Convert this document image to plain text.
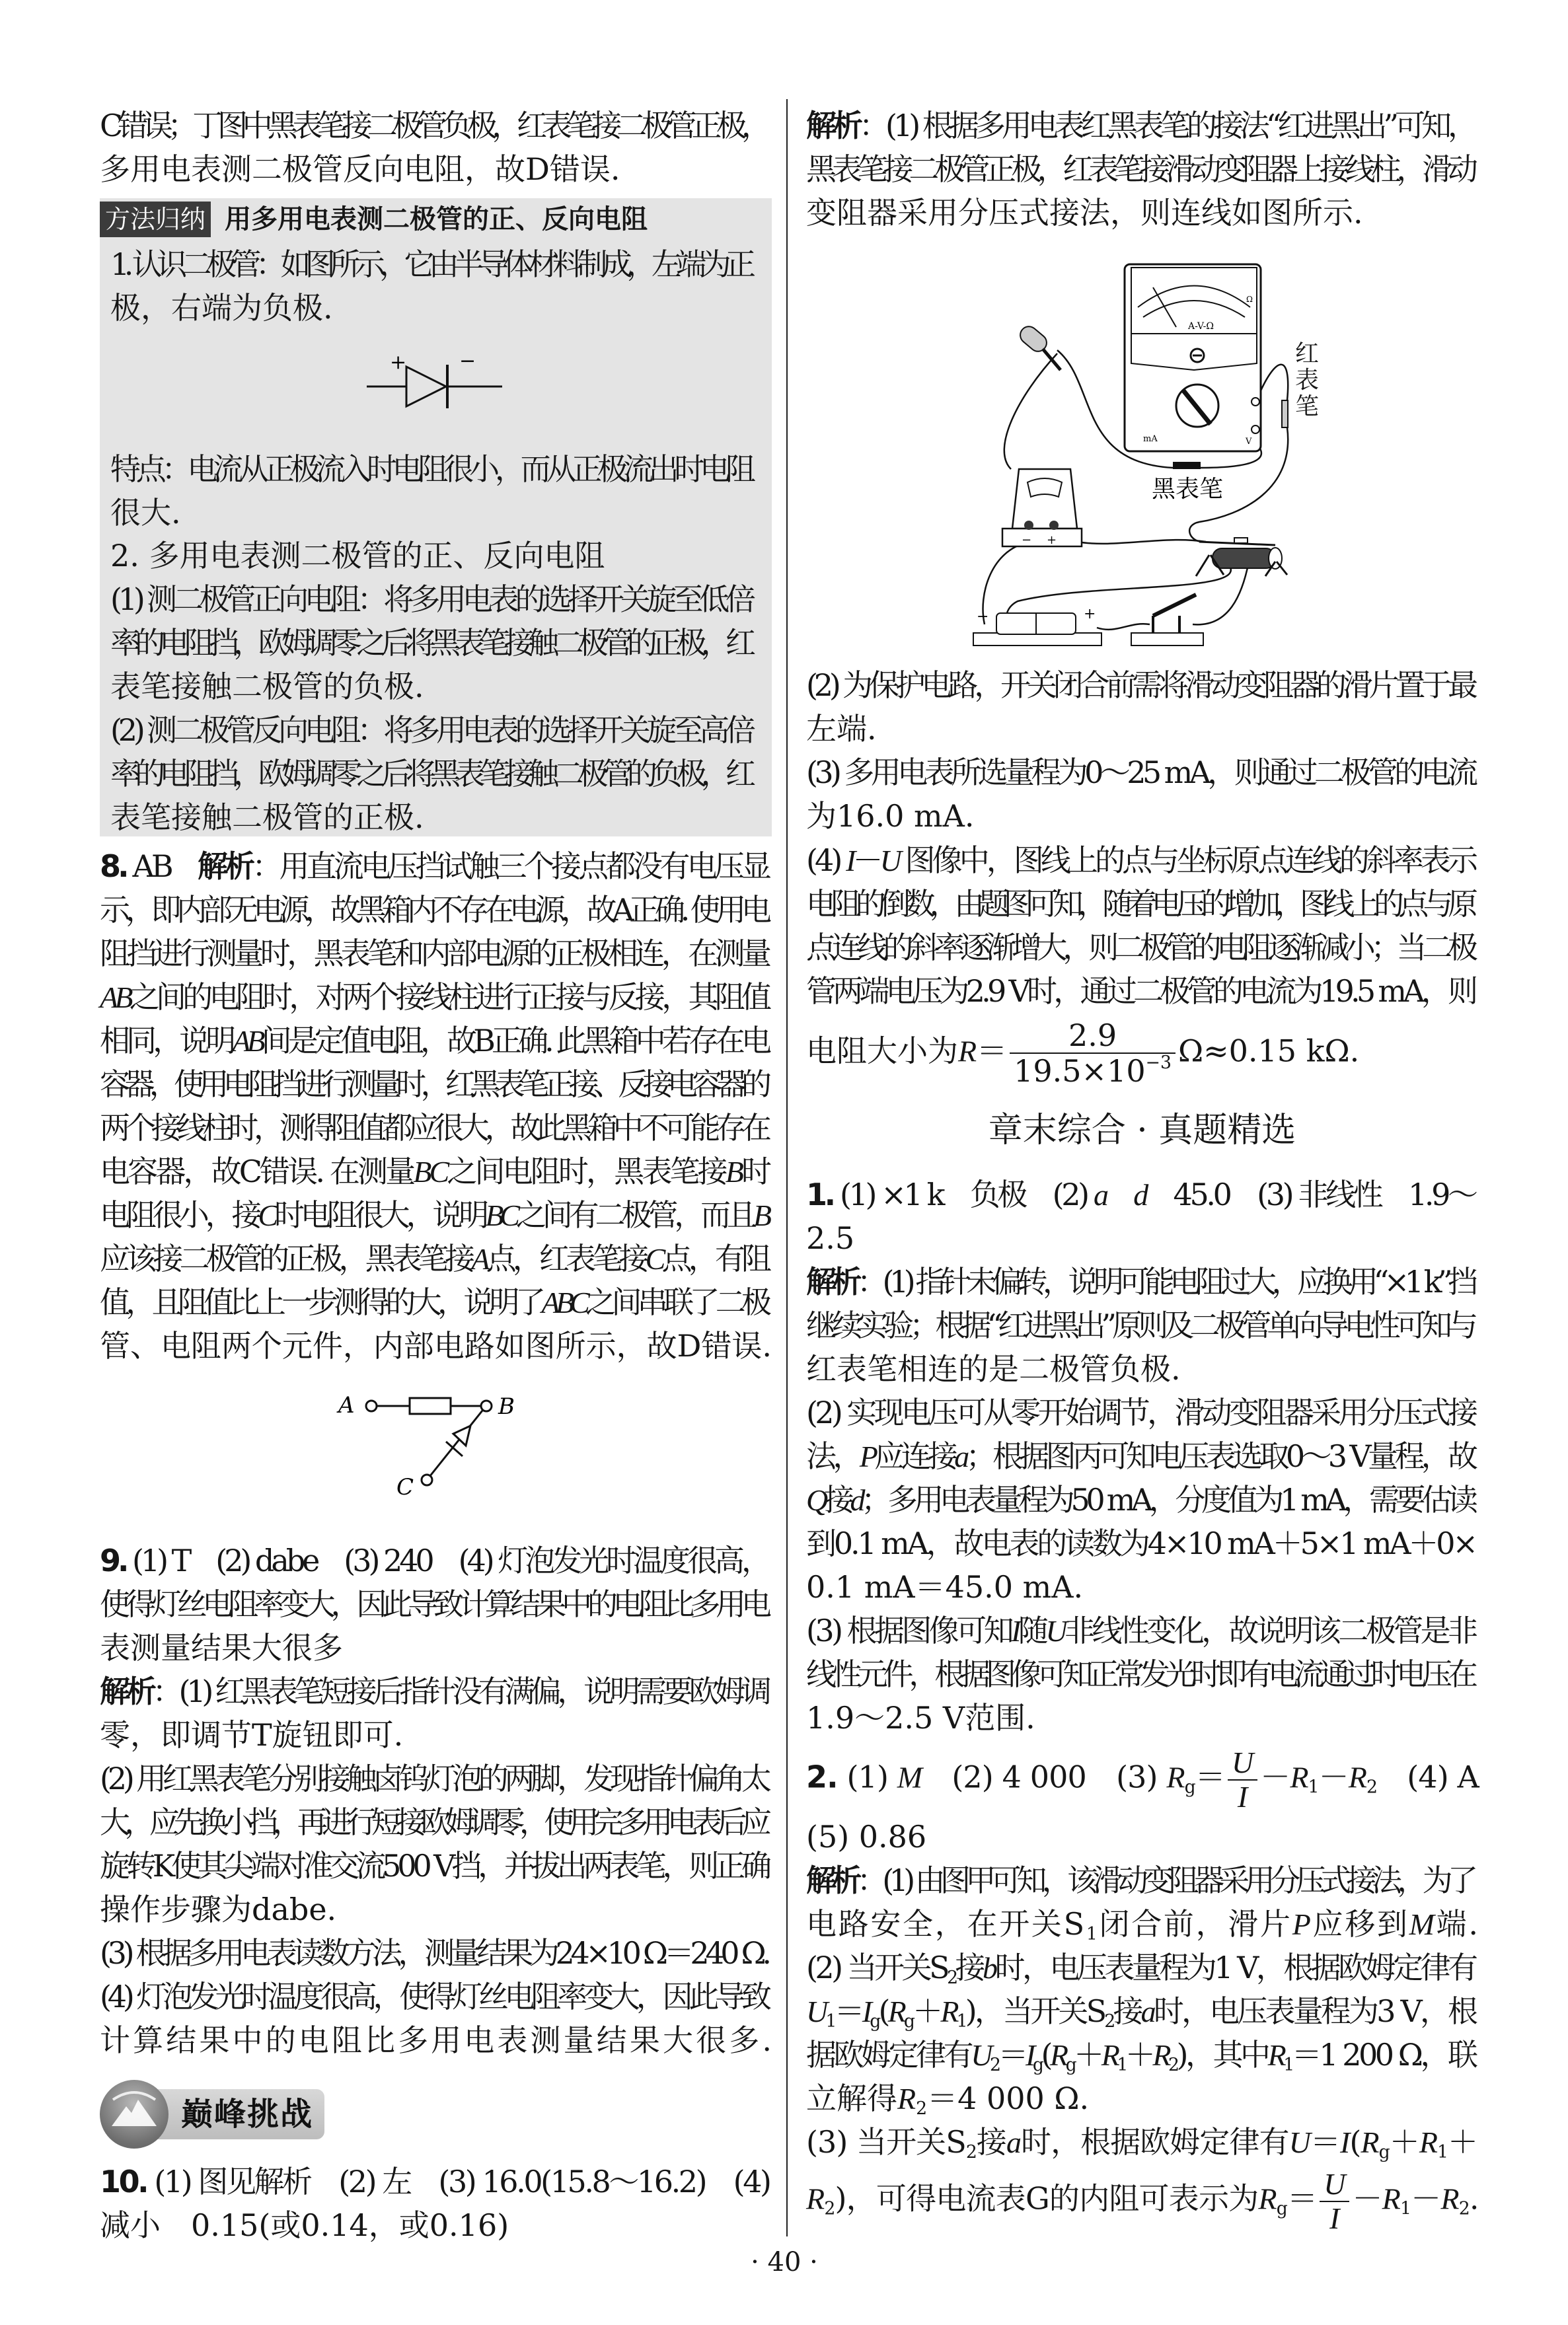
C错误；丁图中黑表笔接二极管负极，红表笔接二极管正极，
多用电表测二极管反向电阻，故D错误.
方法归纳 用多用电表测二极管的正、反向电阻
1. 认识二极管：如图所示，它由半导体材料制成，左端为正
极，右端为负极.
+	−
特点：电流从正极流入时电阻很小，而从正极流出时电阻
很大.
2. 多用电表测二极管的正、反向电阻
(1) 测二极管正向电阻：将多用电表的选择开关旋至低倍
率的电阻挡，欧姆调零之后将黑表笔接触二极管的正极，红
表笔接触二极管的负极.
(2) 测二极管反向电阻：将多用电表的选择开关旋至高倍
率的电阻挡，欧姆调零之后将黑表笔接触二极管的负极，红
表笔接触二极管的正极.
8. AB　解析：用直流电压挡试触三个接点都没有电压显
示，即内部无电源，故黑箱内不存在电源，故A正确. 使用电
阻挡进行测量时，黑表笔和内部电源的正极相连，在测量
AB之间的电阻时，对两个接线柱进行正接与反接，其阻值
相同，说明AB间是定值电阻，故B正确. 此黑箱中若存在电
容器，使用电阻挡进行测量时，红黑表笔正接、反接电容器的
两个接线柱时，测得阻值都应很大，故此黑箱中不可能存在
电容器，故C错误. 在测量BC之间电阻时，黑表笔接B时
电阻很小，接C时电阻很大，说明BC之间有二极管，而且B
应该接二极管的正极，黑表笔接A点，红表笔接C点，有阻
值，且阻值比上一步测得的大，说明了ABC之间串联了二极
管、电阻两个元件，内部电路如图所示，故D错误.
A	B
C
9. (1) T　(2) dabe　(3) 240　(4) 灯泡发光时温度很高，
使得灯丝电阻率变大，因此导致计算结果中的电阻比多用电
表测量结果大很多
解析：(1) 红黑表笔短接后指针没有满偏，说明需要欧姆调
零，即调节T旋钮即可.
(2) 用红黑表笔分别接触卤钨灯泡的两脚，发现指针偏角太
大，应先换小挡，再进行短接欧姆调零，使用完多用电表后应
旋转K使其尖端对准交流500 V挡，并拔出两表笔，则正确
操作步骤为dabe.
(3) 根据多用电表读数方法，测量结果为24×10 Ω＝240 Ω.
(4) 灯泡发光时温度很高，使得灯丝电阻率变大，因此导致
计算结果中的电阻比多用电表测量结果大很多.
巅峰挑战
10. (1) 图见解析　(2) 左　(3) 16.0(15.8～16.2)　(4)
减小　0.15(或0.14，或0.16)
解析：(1) 根据多用电表红黑表笔的接法“红进黑出”可知，
黑表笔接二极管正极，红表笔接滑动变阻器上接线柱，滑动
变阻器采用分压式接法，则连线如图所示.
A-V-Ω
Ω
mA	V
黑表笔
− +
−	+
红表笔
(2) 为保护电路，开关闭合前需将滑动变阻器的滑片置于最
左端.
(3) 多用电表所选量程为0～25 mA，则通过二极管的电流
为16.0 mA.
(4) I－U 图像中，图线上的点与坐标原点连线的斜率表示
电阻的倒数，由题图可知，随着电压的增加，图线上的点与原
点连线的斜率逐渐增大，则二极管的电阻逐渐减小；当二极
管两端电压为2.9 V时，通过二极管的电流为19.5 mA，则
电阻大小为$R= \frac{2.9}{19.5\times 10^{-3}} \Omega\approx 0.15$ kΩ.
章末综合 · 真题精选
1. (1) ×1 k　负极　(2) a　 d　45.0　(3) 非线性　1.9～
2.5
解析：(1) 指针未偏转，说明可能电阻过大，应换用“×1 k”挡
继续实验；根据“红进黑出”原则及二极管单向导电性可知与
红表笔相连的是二极管负极.
(2) 实现电压可从零开始调节，滑动变阻器采用分压式接
法，P应连接a；根据图丙可知电压表选取0～3 V量程，故
Q接d；多用电表量程为50 mA，分度值为1 mA，需要估读
到0.1 mA，故电表的读数为4×10 mA＋5×1 mA＋0×
0.1 mA＝45.0 mA.
(3) 根据图像可知I随U非线性变化，故说明该二极管是非
线性元件，根据图像可知正常发光时即有电流通过时电压在
1.9～2.5 V范围.
2. (1) M　(2) 4 000　(3) $R_g= \frac{U}{I} -R_1-R_2$　(4) A
(5) 0.86
解析：(1) 由图甲可知，该滑动变阻器采用分压式接法，为了
电路安全，在开关$S_1$闭合前，滑片P应移到M端.
(2) 当开关$S_2$接b时，电压表量程为1 V，根据欧姆定律有
$U_1=I_g(R_g+R_1)$，当开关$S_2$接a时，电压表量程为3 V，根
据欧姆定律有$U_2=I_g(R_g+R_1+R_2)$，其中$R_1=1$ 200 Ω，联
立解得$R_2=4$ 000 Ω.
(3) 当开关$S_2$接a时，根据欧姆定律有$U=I(R_g+R_1+$
$R_2$)，可得电流表G的内阻可表示为$R_g= \frac{U}{I} -R_1-R_2$.
· 40 ·
